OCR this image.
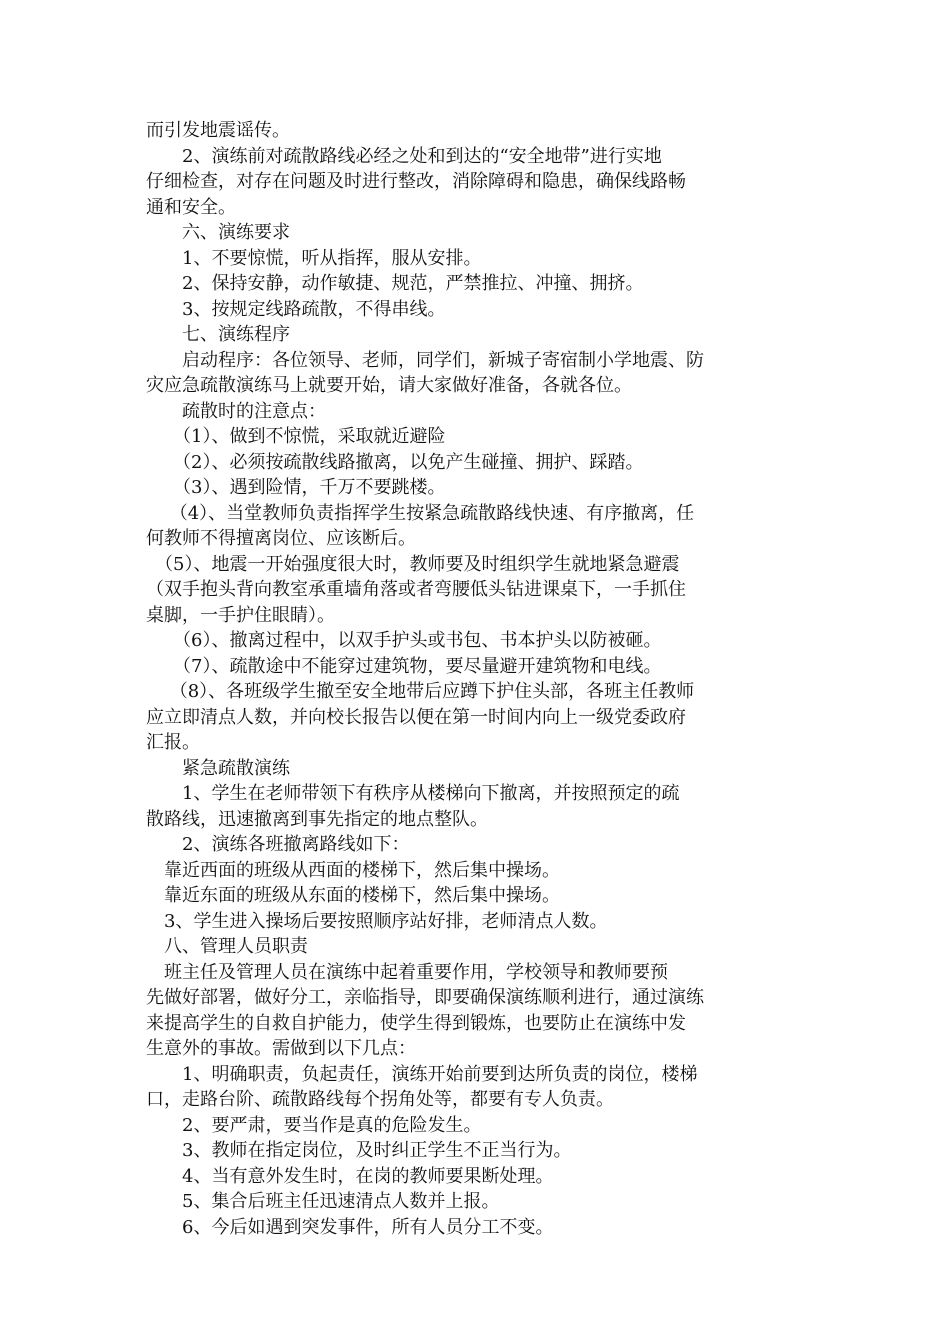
而引发地震谣传。
　　2、演练前对疏散路线必经之处和到达的“安全地带”进行实地
仔细检查，对存在问题及时进行整改，消除障碍和隐患，确保线路畅
通和安全。
　　六、演练要求
　　1、不要惊慌，听从指挥，服从安排。
　　2、保持安静，动作敏捷、规范，严禁推拉、冲撞、拥挤。
　　3、按规定线路疏散，不得串线。
　　七、演练程序
　　启动程序：各位领导、老师，同学们，新城子寄宿制小学地震、防
灾应急疏散演练马上就要开始，请大家做好准备，各就各位。
　　疏散时的注意点：
　　（1）、做到不惊慌，采取就近避险
　　（2）、必须按疏散线路撤离，以免产生碰撞、拥护、踩踏。
　　（3）、遇到险情，千万不要跳楼。
　 （4）、当堂教师负责指挥学生按紧急疏散路线快速、有序撤离，任
何教师不得擅离岗位、应该断后。
　（5）、地震一开始强度很大时，教师要及时组织学生就地紧急避震
（双手抱头背向教室承重墙角落或者弯腰低头钻进课桌下，一手抓住
桌脚，一手护住眼睛）。
　　（6）、撤离过程中，以双手护头或书包、书本护头以防被砸。
　　（7）、疏散途中不能穿过建筑物，要尽量避开建筑物和电线。
　 （8）、各班级学生撤至安全地带后应蹲下护住头部，各班主任教师
应立即清点人数，并向校长报告以便在第一时间内向上一级党委政府
汇报。
　　紧急疏散演练
　　1、学生在老师带领下有秩序从楼梯向下撤离，并按照预定的疏
散路线，迅速撤离到事先指定的地点整队。
　　2、演练各班撤离路线如下：
　靠近西面的班级从西面的楼梯下，然后集中操场。
　靠近东面的班级从东面的楼梯下，然后集中操场。
　3、学生进入操场后要按照顺序站好排，老师清点人数。
　八、管理人员职责
　班主任及管理人员在演练中起着重要作用，学校领导和教师要预
先做好部署，做好分工，亲临指导，即要确保演练顺利进行，通过演练
来提高学生的自救自护能力，使学生得到锻炼，也要防止在演练中发
生意外的事故。需做到以下几点：
　　1、明确职责，负起责任，演练开始前要到达所负责的岗位，楼梯
口，走路台阶、疏散路线每个拐角处等，都要有专人负责。
　　2、要严肃，要当作是真的危险发生。
　　3、教师在指定岗位，及时纠正学生不正当行为。
　　4、当有意外发生时，在岗的教师要果断处理。
　　5、集合后班主任迅速清点人数并上报。
　　6、今后如遇到突发事件，所有人员分工不变。
